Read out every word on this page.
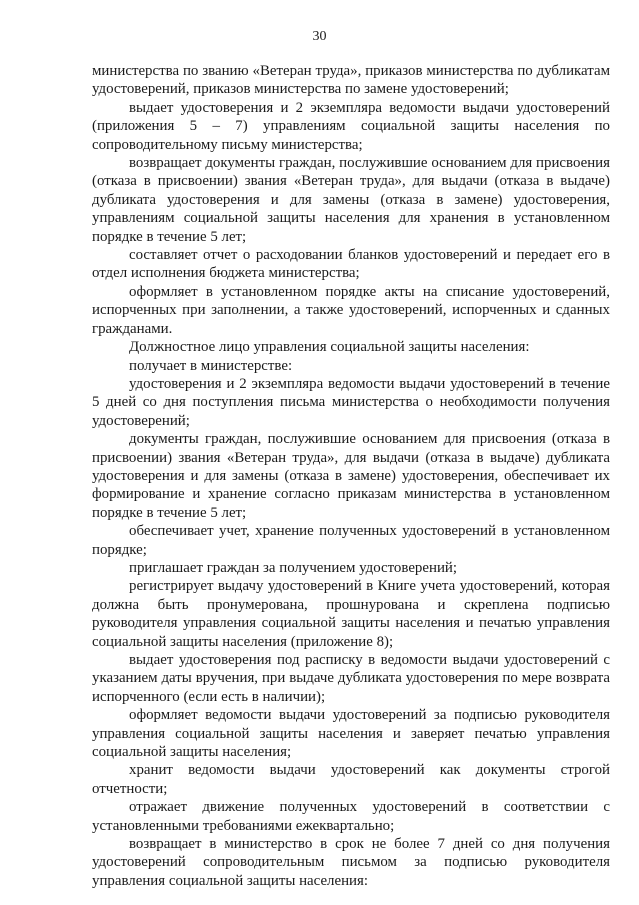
30

министерства по званию «Ветеран труда», приказов министерства по дубликатам удостоверений, приказов министерства по замене удостоверений;

выдает удостоверения и 2 экземпляра ведомости выдачи удостоверений (приложения 5 – 7) управлениям социальной защиты населения по сопроводительному письму министерства;

возвращает документы граждан, послужившие основанием для присвоения (отказа в присвоении) звания «Ветеран труда», для выдачи (отказа в выдаче) дубликата удостоверения и для замены (отказа в замене) удостоверения, управлениям социальной защиты населения для хранения в установленном порядке в течение 5 лет;

составляет отчет о расходовании бланков удостоверений и передает его в отдел исполнения бюджета министерства;

оформляет в установленном порядке акты на списание удостоверений, испорченных при заполнении, а также удостоверений, испорченных и сданных гражданами.

Должностное лицо управления социальной защиты населения:

получает в министерстве:

удостоверения и 2 экземпляра ведомости выдачи удостоверений в течение 5 дней со дня поступления письма министерства о необходимости получения удостоверений;

документы граждан, послужившие основанием для присвоения (отказа в присвоении) звания «Ветеран труда», для выдачи (отказа в выдаче) дубликата удостоверения и для замены (отказа в замене) удостоверения, обеспечивает их формирование и хранение согласно приказам министерства в установленном порядке в течение 5 лет;

обеспечивает учет, хранение полученных удостоверений в установленном порядке;

приглашает граждан за получением удостоверений;

регистрирует выдачу удостоверений в Книге учета удостоверений, которая должна быть пронумерована, прошнурована и скреплена подписью руководителя управления социальной защиты населения и печатью управления социальной защиты населения (приложение 8);

выдает удостоверения под расписку в ведомости выдачи удостоверений с указанием даты вручения, при выдаче дубликата удостоверения по мере возврата испорченного (если есть в наличии);

оформляет ведомости выдачи удостоверений за подписью руководителя управления социальной защиты населения и заверяет печатью управления социальной защиты населения;

хранит ведомости выдачи удостоверений как документы строгой отчетности;

отражает движение полученных удостоверений в соответствии с установленными требованиями ежеквартально;

возвращает в министерство в срок не более 7 дней со дня получения удостоверений сопроводительным письмом за подписью руководителя управления социальной защиты населения:
